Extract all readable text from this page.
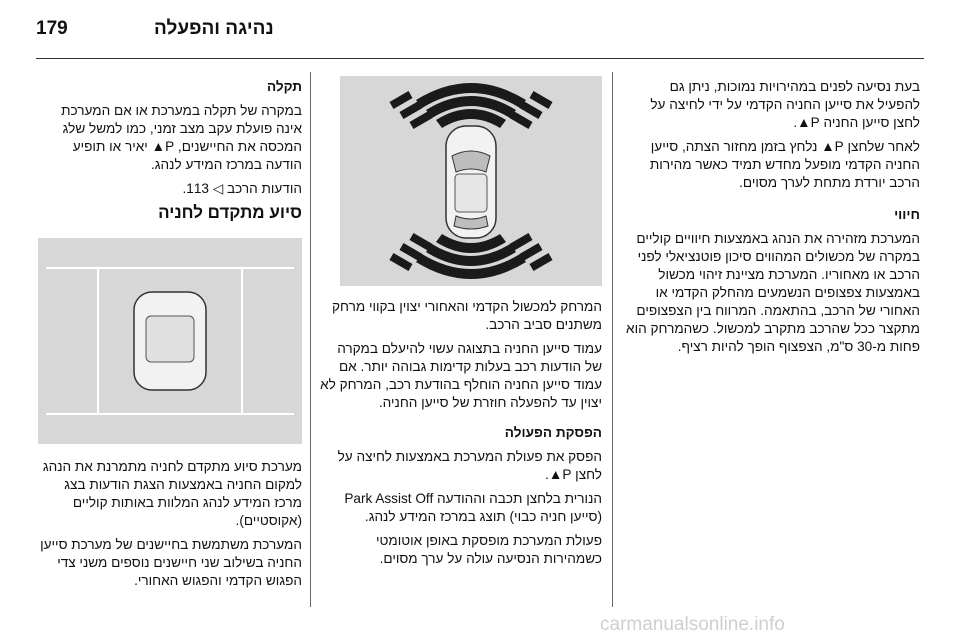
179	נהיגה והפעלה

בעת נסיעה לפנים במהירויות נמוכות, ניתן גם להפעיל את סייען החניה הקדמי על ידי לחיצה על לחצן סייען החניה P▲.

לאחר שלחצן P▲ נלחץ בזמן מחזור הצתה, סייען החניה הקדמי מופעל מחדש תמיד כאשר מהירות הרכב יורדת מתחת לערך מסוים.

חיווי

המערכת מזהירה את הנהג באמצעות חיוויים קוליים במקרה של מכשולים המהווים סיכון פוטנציאלי לפני הרכב או מאחוריו. המערכת מציינת זיהוי מכשול באמצעות צפצופים הנשמעים מהחלק הקדמי או האחורי של הרכב, בהתאמה. המרווח בין הצפצופים מתקצר ככל שהרכב מתקרב למכשול. כשהמרחק הוא פחות מ-30 ס"מ, הצפצוף הופך להיות רציף.

המרחק למכשול הקדמי והאחורי יצוין בקווי מרחק משתנים סביב הרכב.

עמוד סייען החניה בתצוגה עשוי להיעלם במקרה של הודעות רכב בעלות קדימות גבוהה יותר. אם עמוד סייען החניה הוחלף בהודעת רכב, המרחק לא יצוין עד להפעלה חוזרת של סייען החניה.

הפסקת הפעולה

הפסק את פעולת המערכת באמצעות לחיצה על לחצן P▲.

הנורית בלחצן תכבה וההודעה Park Assist Off (סייען חניה כבוי) תוצג במרכז המידע לנהג.

פעולת המערכת מופסקת באופן אוטומטי כשמהירות הנסיעה עולה על ערך מסוים.

תקלה

במקרה של תקלה במערכת או אם המערכת אינה פועלת עקב מצב זמני, כמו למשל שלג המכסה את החיישנים, P▲ יאיר או תופיע הודעה במרכז המידע לנהג.

הודעות הרכב ◁ 113.

סיוע מתקדם לחניה

מערכת סיוע מתקדם לחניה מתמרנת את הנהג למקום החניה באמצעות הצגת הודעות בצג מרכז המידע לנהג המלוות באותות קוליים (אקוסטיים).

המערכת משתמשת בחיישנים של מערכת סייען החניה בשילוב שני חיישנים נוספים משני צדי הפגוש הקדמי והפגוש האחורי.

carmanualsonline.info
